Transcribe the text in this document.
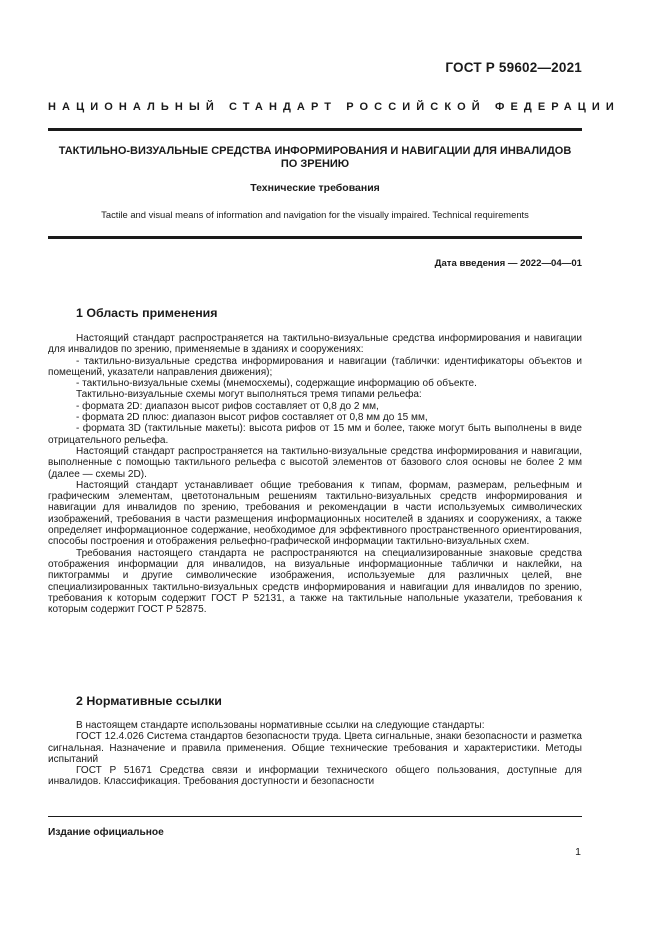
ГОСТ Р 59602—2021
НАЦИОНАЛЬНЫЙ СТАНДАРТ РОССИЙСКОЙ ФЕДЕРАЦИИ
ТАКТИЛЬНО-ВИЗУАЛЬНЫЕ СРЕДСТВА ИНФОРМИРОВАНИЯ И НАВИГАЦИИ ДЛЯ ИНВАЛИДОВ
ПО ЗРЕНИЮ
Технические требования
Tactile and visual means of information and navigation for the visually impaired. Technical requirements
Дата введения — 2022—04—01
1 Область применения

Настоящий стандарт распространяется на тактильно-визуальные средства информирования и навигации для инвалидов по зрению, применяемые в зданиях и сооружениях:

- тактильно-визуальные средства информирования и навигации (таблички: идентификаторы объектов и помещений, указатели направления движения);

- тактильно-визуальные схемы (мнемосхемы), содержащие информацию об объекте.

Тактильно-визуальные схемы могут выполняться тремя типами рельефа:

- формата 2D: диапазон высот рифов составляет от 0,8 до 2 мм,

- формата 2D плюс: диапазон высот рифов составляет от 0,8 мм до 15 мм,

- формата 3D (тактильные макеты): высота рифов от 15 мм и более, также могут быть выполнены в виде отрицательного рельефа.

Настоящий стандарт распространяется на тактильно-визуальные средства информирования и навигации, выполненные с помощью тактильного рельефа с высотой элементов от базового слоя основы не более 2 мм (далее — схемы 2D).

Настоящий стандарт устанавливает общие требования к типам, формам, размерам, рельефным и графическим элементам, цветотональным решениям тактильно-визуальных средств информирования и навигации для инвалидов по зрению, требования и рекомендации в части используемых символических изображений, требования в части размещения информационных носителей в зданиях и сооружениях, а также определяет информационное содержание, необходимое для эффективного пространственного ориентирования, способы построения и отображения рельефно-графической информации тактильно-визуальных схем.

Требования настоящего стандарта не распространяются на специализированные знаковые средства отображения информации для инвалидов, на визуальные информационные таблички и наклейки, на пиктограммы и другие символические изображения, используемые для различных целей, вне специализированных тактильно-визуальных средств информирования и навигации для инвалидов по зрению, требования к которым содержит ГОСТ Р 52131, а также на тактильные напольные указатели, требования к которым содержит ГОСТ Р 52875.

2 Нормативные ссылки

В настоящем стандарте использованы нормативные ссылки на следующие стандарты:

ГОСТ 12.4.026 Система стандартов безопасности труда. Цвета сигнальные, знаки безопасности и разметка сигнальная. Назначение и правила применения. Общие технические требования и характеристики. Методы испытаний

ГОСТ Р 51671 Средства связи и информации технического общего пользования, доступные для инвалидов. Классификация. Требования доступности и безопасности

Издание официальное
1
